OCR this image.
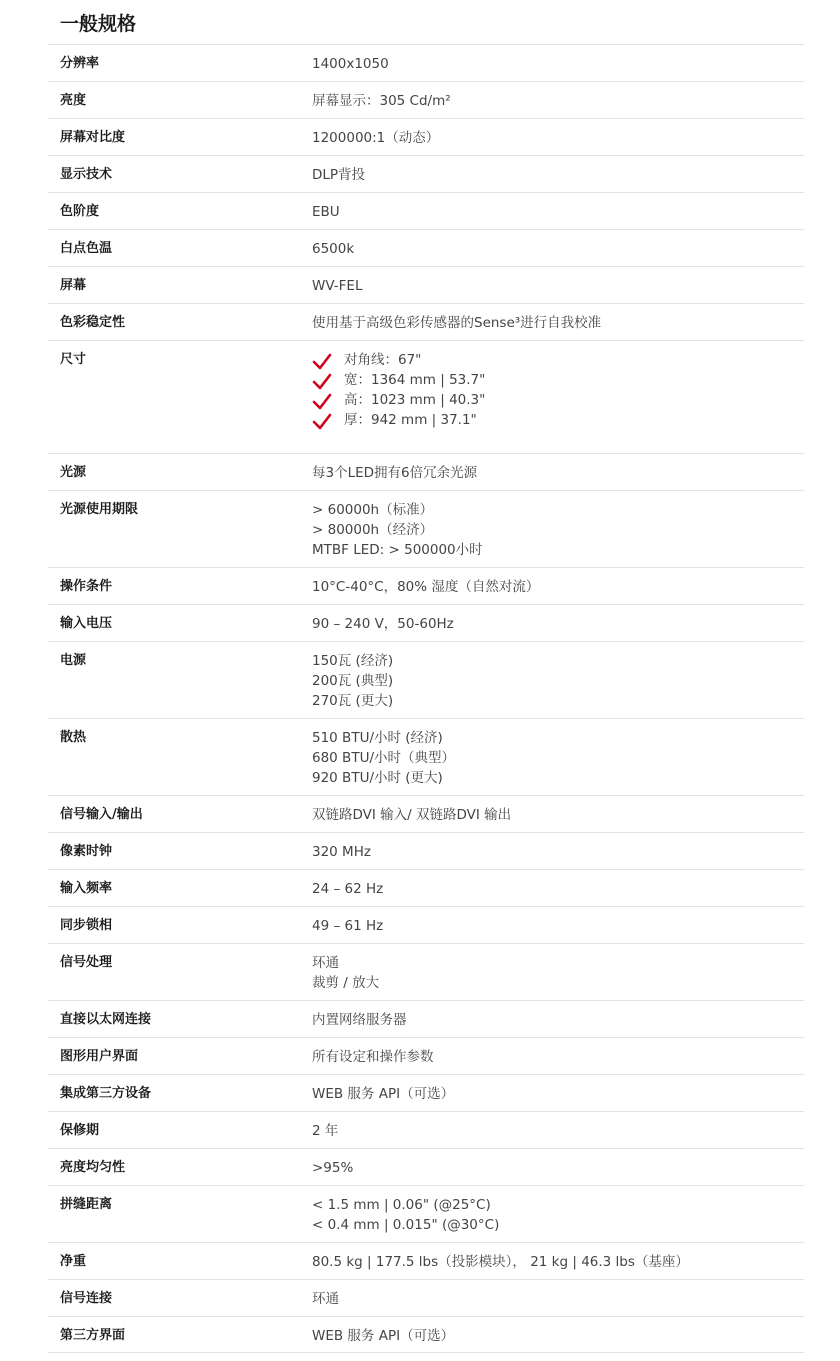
一般规格
分辨率	1400x1050
亮度	屏幕显示：305 Cd/m²
屏幕对比度	1200000:1（动态）
显示技术	DLP背投
色阶度	EBU
白点色温	6500k
屏幕	WV-FEL
色彩稳定性	使用基于高级色彩传感器的Sense³进行自我校准
尺寸	对角线：67"
宽：1364 mm | 53.7"
高：1023 mm | 40.3"
厚：942 mm | 37.1"
光源	每3个LED拥有6倍冗余光源
光源使用期限	> 60000h（标准）
> 80000h（经济）
MTBF LED: > 500000小时
操作条件	10°C-40°C，80% 湿度（自然对流）
输入电压	90 – 240 V，50-60Hz
电源	150瓦 (经济)
200瓦 (典型)
270瓦 (更大)
散热	510 BTU/小时 (经济)
680 BTU/小时（典型）
920 BTU/小时 (更大)
信号输入/输出	双链路DVI 输入/ 双链路DVI 输出
像素时钟	320 MHz
输入频率	24 – 62 Hz
同步锁相	49 – 61 Hz
信号处理	环通
裁剪 / 放大
直接以太网连接	内置网络服务器
图形用户界面	所有设定和操作参数
集成第三方设备	WEB 服务 API（可选）
保修期	2 年
亮度均匀性	>95%
拼缝距离	< 1.5 mm | 0.06" (@25°C)
< 0.4 mm | 0.015" (@30°C)
净重	80.5 kg | 177.5 lbs（投影模块）， 21 kg | 46.3 lbs（基座）
信号连接	环通
第三方界面	WEB 服务 API（可选）
